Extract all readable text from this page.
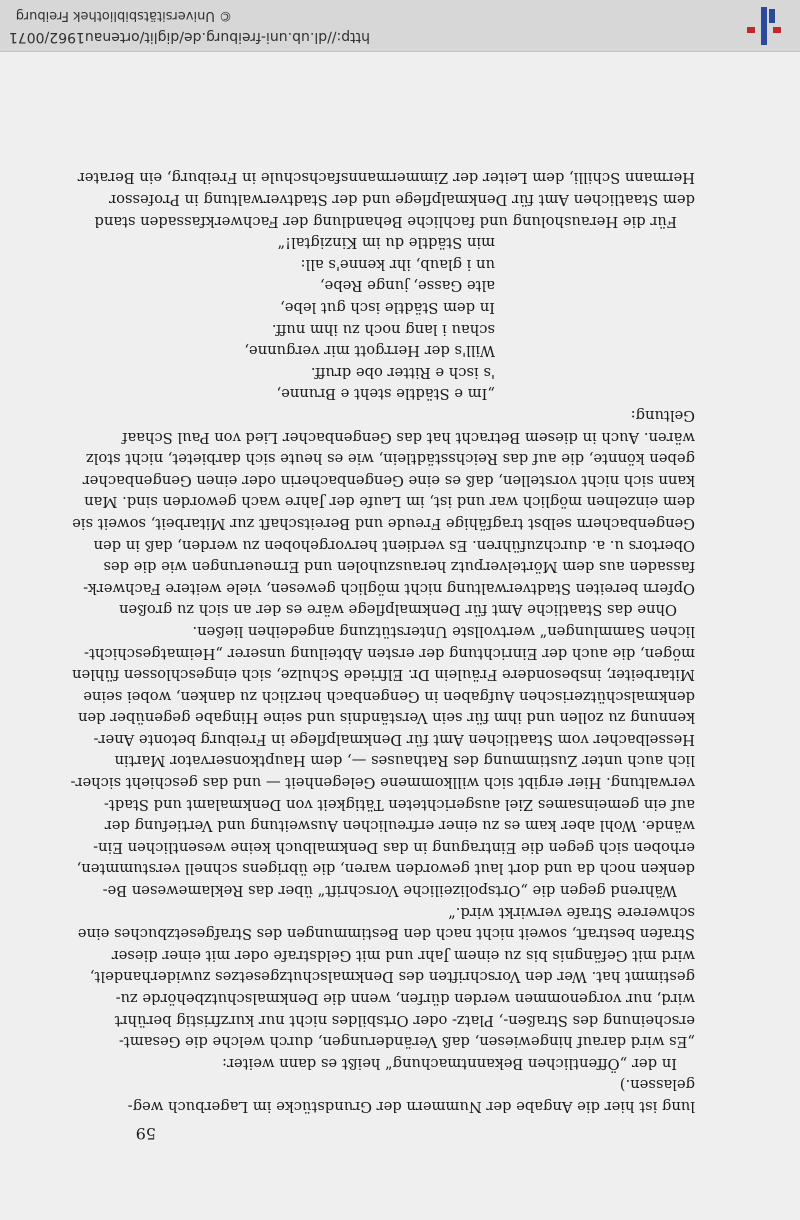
59
lung ist hier die Angabe der Nummern der Grundstücke im Lagerbuch weg-
gelassen.)
In der „Öffentlichen Bekanntmachung“ heißt es dann weiter:
„Es wird darauf hingewiesen, daß Veränderungen, durch welche die Gesamt-
erscheinung des Straßen-, Platz- oder Ortsbildes nicht nur kurzfristig berührt
wird, nur vorgenommen werden dürfen, wenn die Denkmalschutzbehörde zu-
gestimmt hat. Wer den Vorschriften des Denkmalschutzgesetzes zuwiderhandelt,
wird mit Gefängnis bis zu einem Jahr und mit Geldstrafe oder mit einer dieser
Strafen bestraft, soweit nicht nach den Bestimmungen des Strafgesetzbuches eine
schwerere Strafe verwirkt wird.“
Während gegen die „Ortspolizeiliche Vorschrift“ über das Reklamewesen Be-
denken noch da und dort laut geworden waren, die übrigens schnell verstummten,
erhoben sich gegen die Eintragung in das Denkmalbuch keine wesentlichen Ein-
wände. Wohl aber kam es zu einer erfreulichen Ausweitung und Vertiefung der
auf ein gemeinsames Ziel ausgerichteten Tätigkeit von Denkmalamt und Stadt-
verwaltung. Hier ergibt sich willkommene Gelegenheit — und das geschieht sicher-
lich auch unter Zustimmung des Rathauses —, dem Hauptkonservator Martin
Hesselbacher vom Staatlichen Amt für Denkmalpflege in Freiburg betonte Aner-
kennung zu zollen und ihm für sein Verständnis und seine Hingabe gegenüber den
denkmalschützerischen Aufgaben in Gengenbach herzlich zu danken, wobei seine
Mitarbeiter, insbesondere Fräulein Dr. Elfriede Schulze, sich eingeschlossen fühlen
mögen, die auch der Einrichtung der ersten Abteilung unserer „Heimatgeschicht-
lichen Sammlungen“ wertvollste Unterstützung angedeihen ließen.
Ohne das Staatliche Amt für Denkmalpflege wäre es der an sich zu großen
Opfern bereiten Stadtverwaltung nicht möglich gewesen, viele weitere Fachwerk-
fassaden aus dem Mörtelverputz herauszuholen und Erneuerungen wie die des
Obertors u. a. durchzuführen. Es verdient hervorgehoben zu werden, daß in den
Gengenbachern selbst tragfähige Freude und Bereitschaft zur Mitarbeit, soweit sie
dem einzelnen möglich war und ist, im Laufe der Jahre wach geworden sind. Man
kann sich nicht vorstellen, daß es eine Gengenbacherin oder einen Gengenbacher
geben könnte, die auf das Reichsstädtlein, wie es heute sich darbietet, nicht stolz
wären. Auch in diesem Betracht hat das Gengenbacher Lied von Paul Schaaf
Geltung:
„Im e Städtle steht e Brunne,
's isch e Ritter obe druff.
Will's der Herrgott mir vergunne,
schau i lang noch zu ihm nuff.
In dem Städtle isch gut lebe,
alte Gasse, junge Rebe,
un i glaub, ihr kenne's all:
min Städtle du im Kinzigtal!“
Für die Herausholung und fachliche Behandlung der Fachwerkfassaden stand
dem Staatlichen Amt für Denkmalpflege und der Stadtverwaltung in Professor
Hermann Schilli, dem Leiter der Zimmermannsfachschule in Freiburg, ein Berater
http://dl.ub.uni-freiburg.de/diglit/ortenau1962/0071
© Universitätsbibliothek Freiburg
